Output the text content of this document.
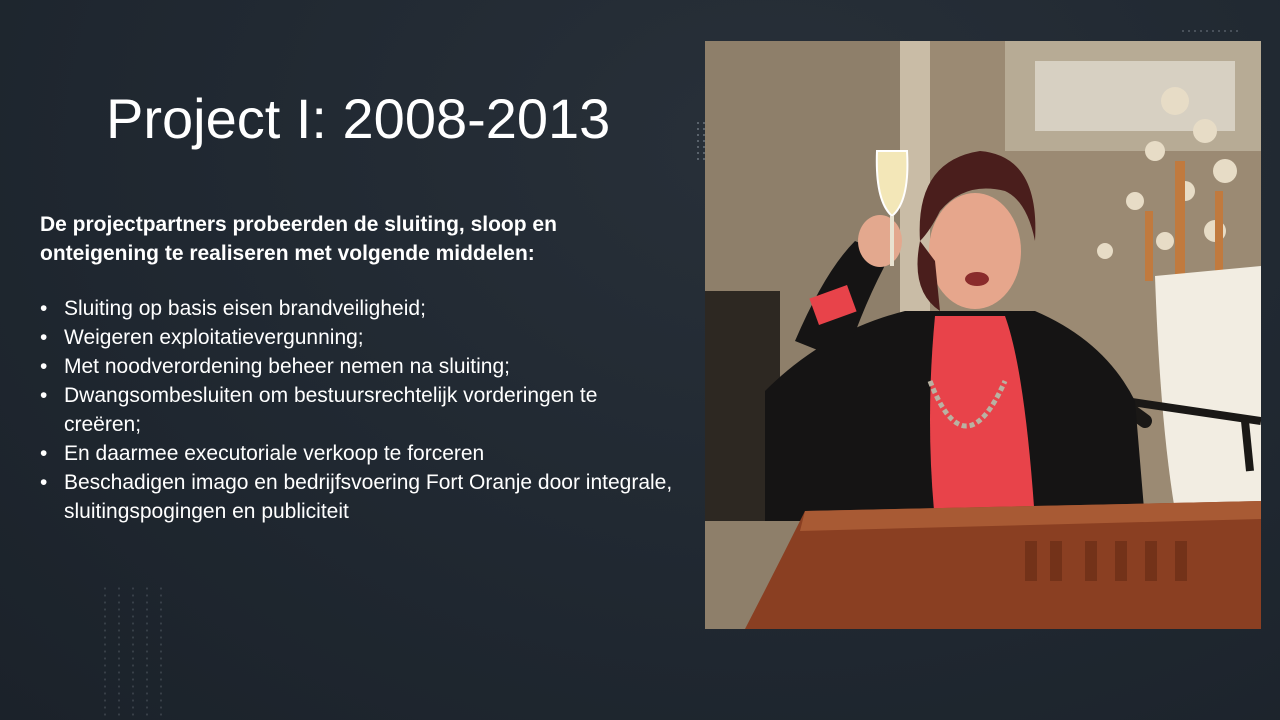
Project I: 2008-2013
De projectpartners probeerden de sluiting, sloop en onteigening te realiseren met volgende middelen:
• Sluiting op basis eisen brandveiligheid;
• Weigeren exploitatievergunning;
• Met noodverordening beheer nemen na sluiting;
• Dwangsombesluiten om bestuursrechtelijk vorderingen te creëren;
• En daarmee executoriale verkoop te forceren
• Beschadigen imago en bedrijfsvoering Fort Oranje door integrale, sluitingspogingen en publiciteit
